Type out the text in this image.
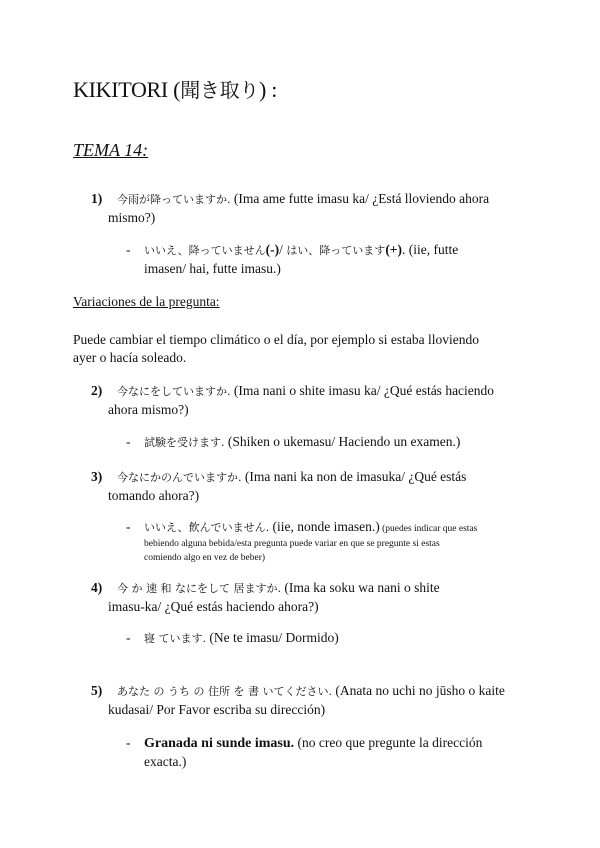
KIKITORI (聞き取り) :
TEMA 14:
1) 今雨が降っていますか. (Ima ame futte imasu ka/ ¿Está lloviendo ahora
mismo?)
- いいえ、降っていません(-)/ はい、降っています(+). (iie, futte
imasen/ hai, futte imasu.)
Variaciones de la pregunta:
Puede cambiar el tiempo climático o el día, por ejemplo si estaba lloviendo
ayer o hacía soleado.
2) 今なにをしていますか. (Ima nani o shite imasu ka/ ¿Qué estás haciendo
ahora mismo?)
- 試験を受けます. (Shiken o ukemasu/ Haciendo un examen.)
3) 今なにかのんでいますか. (Ima nani ka non de imasuka/ ¿Qué estás
tomando ahora?)
- いいえ、飲んでいません. (iie, nonde imasen.) (puedes indicar que estas

bebiendo alguna bebida/esta pregunta puede variar en que se pregunte si estas
comiendo algo en vez de beber)
4) 今 か 速 和 なにをして 居ますか. (Ima ka soku wa nani o shite
imasu-ka/ ¿Qué estás haciendo ahora?)
- 寝 ています. (Ne te imasu/ Dormido)
5) あなた の うち の 住所 を 書 いてください. (Anata no uchi no jūsho o kaite
kudasai/ Por Favor escriba su dirección)
- Granada ni sunde imasu. (no creo que pregunte la dirección
exacta.)
